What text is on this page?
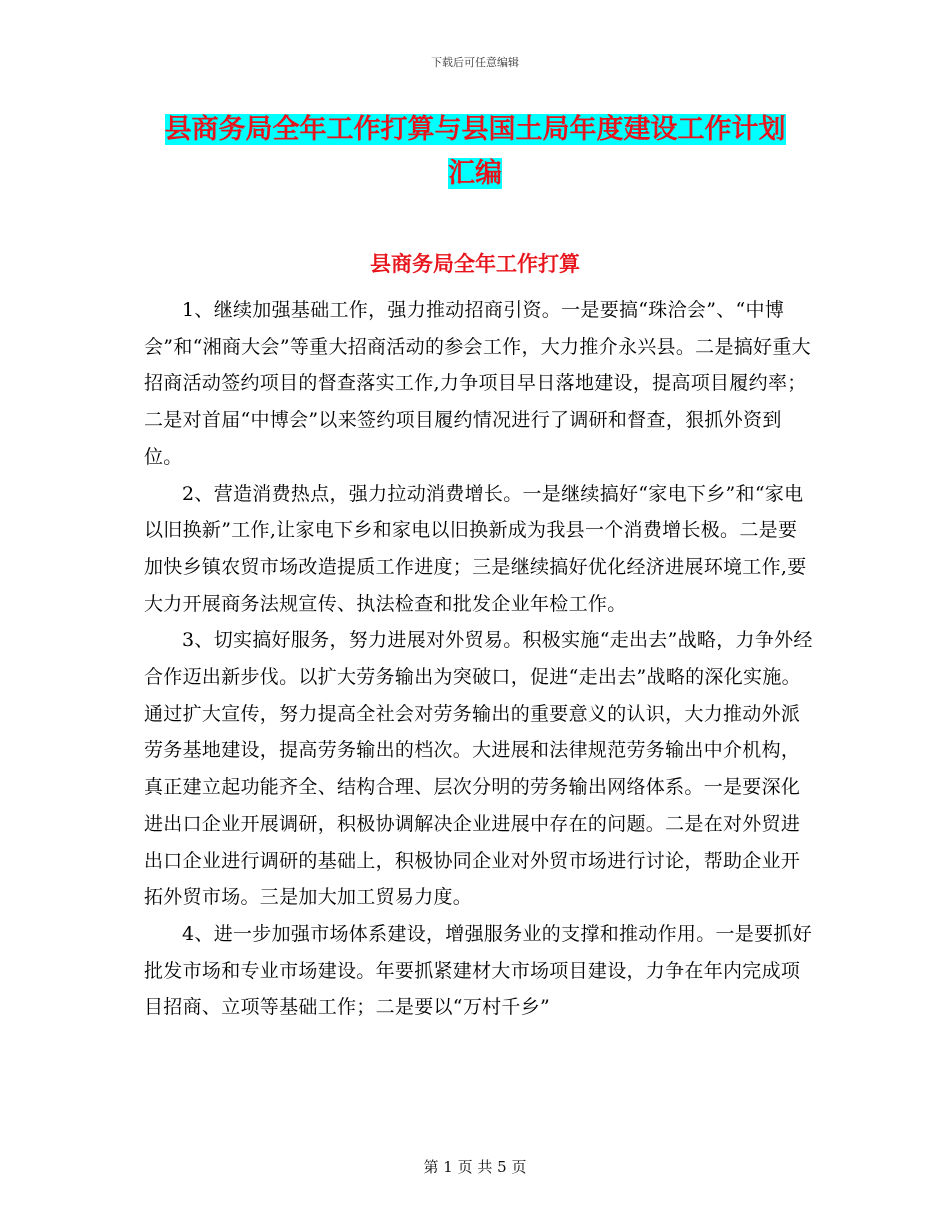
下载后可任意编辑
县商务局全年工作打算与县国土局年度建设工作计划
汇编
县商务局全年工作打算

1、继续加强基础工作，强力推动招商引资。一是要搞“珠洽会”、“中博会”和“湘商大会”等重大招商活动的参会工作，大力推介永兴县。二是搞好重大招商活动签约项目的督查落实工作,力争项目早日落地建设，提高项目履约率；二是对首届“中博会”以来签约项目履约情况进行了调研和督查，狠抓外资到位。

2、营造消费热点，强力拉动消费增长。一是继续搞好“家电下乡”和“家电以旧换新”工作,让家电下乡和家电以旧换新成为我县一个消费增长极。二是要加快乡镇农贸市场改造提质工作进度；三是继续搞好优化经济进展环境工作,要大力开展商务法规宣传、执法检查和批发企业年检工作。

3、切实搞好服务，努力进展对外贸易。积极实施“走出去”战略，力争外经合作迈出新步伐。以扩大劳务输出为突破口，促进“走出去”战略的深化实施。通过扩大宣传，努力提高全社会对劳务输出的重要意义的认识，大力推动外派劳务基地建设，提高劳务输出的档次。大进展和法律规范劳务输出中介机构，真正建立起功能齐全、结构合理、层次分明的劳务输出网络体系。一是要深化进出口企业开展调研，积极协调解决企业进展中存在的问题。二是在对外贸进出口企业进行调研的基础上，积极协同企业对外贸市场进行讨论，帮助企业开拓外贸市场。三是加大加工贸易力度。

4、进一步加强市场体系建设，增强服务业的支撑和推动作用。一是要抓好批发市场和专业市场建设。年要抓紧建材大市场项目建设，力争在年内完成项目招商、立项等基础工作；二是要以“万村千乡”

第 1 页 共 5 页
